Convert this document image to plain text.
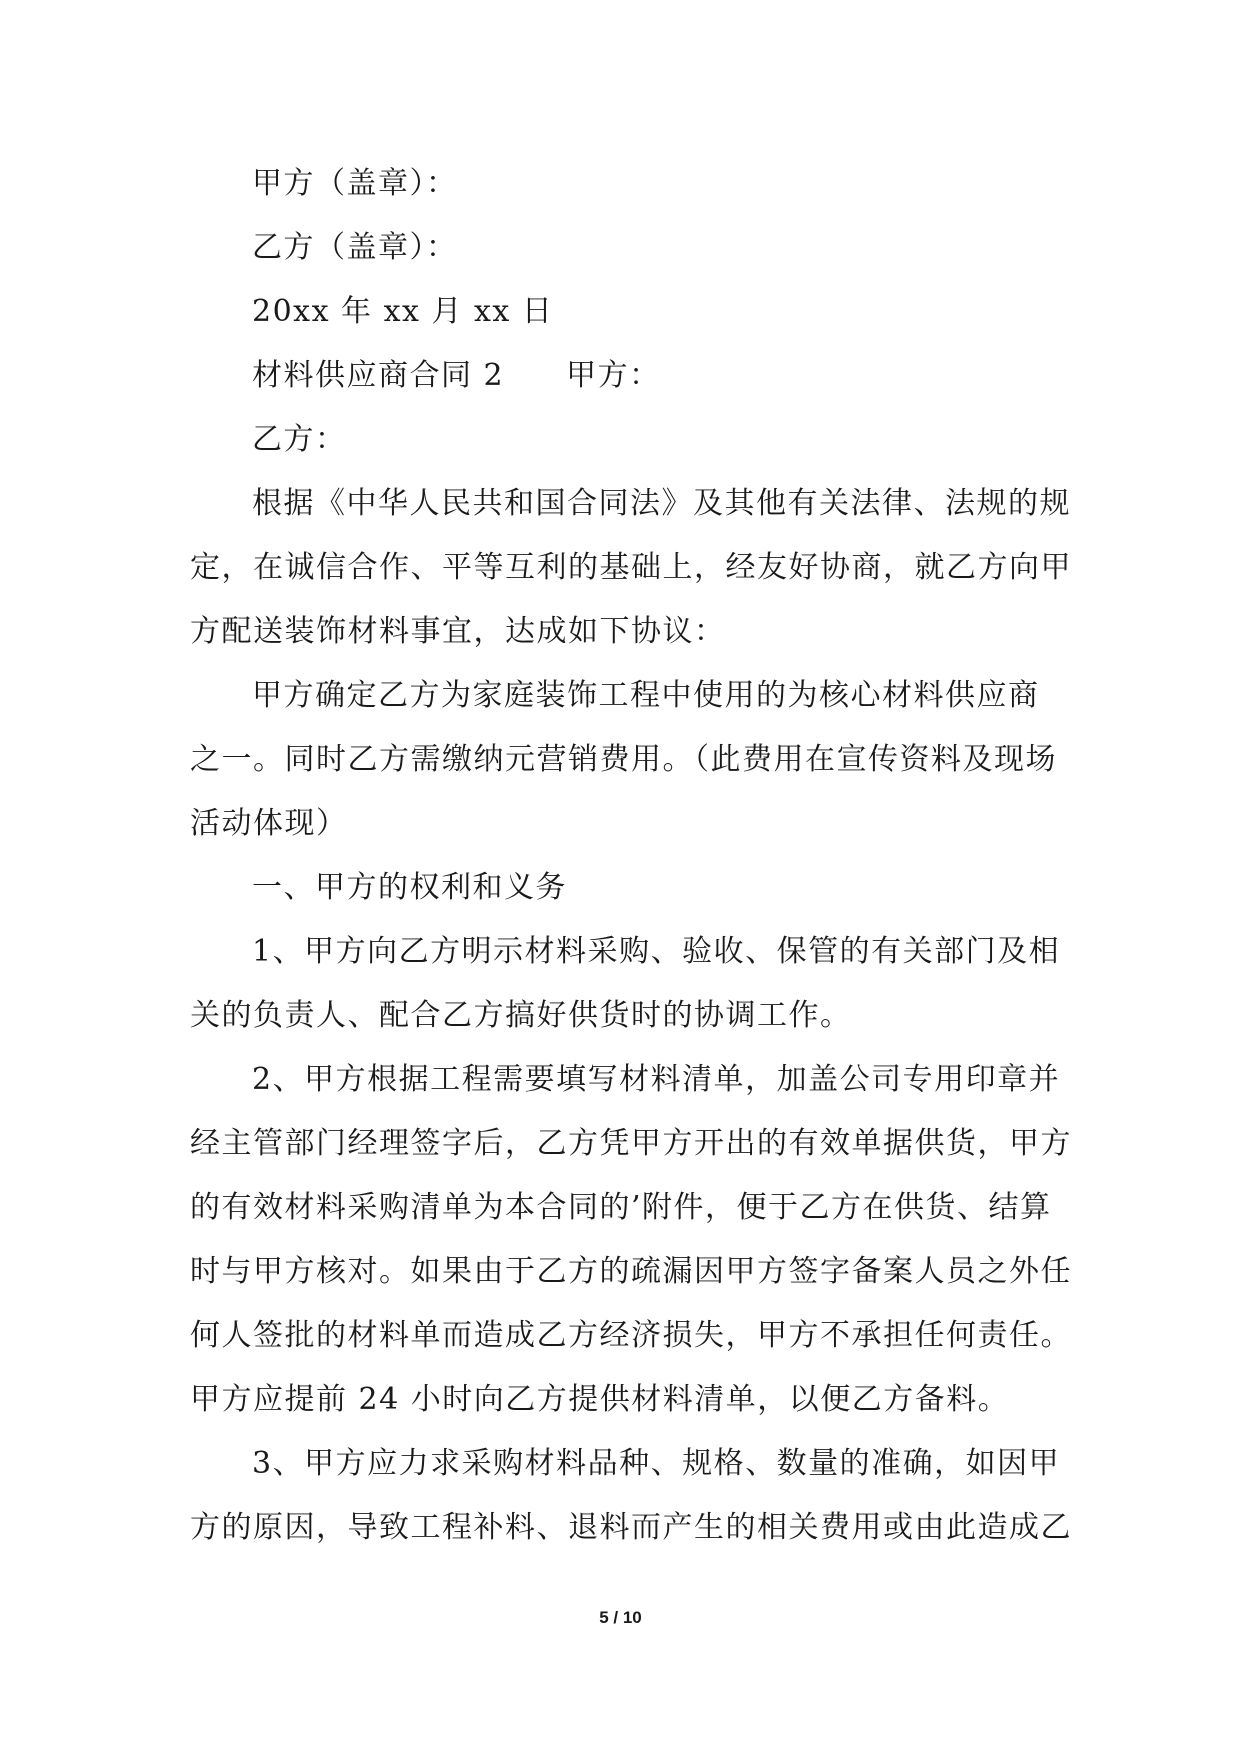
甲方（盖章）：
乙方（盖章）：
20xx 年 xx 月 xx 日
材料供应商合同 2 甲方：
乙方：
根据《中华人民共和国合同法》及其他有关法律、法规的规
定，在诚信合作、平等互利的基础上，经友好协商，就乙方向甲
方配送装饰材料事宜，达成如下协议：
甲方确定乙方为家庭装饰工程中使用的为核心材料供应商
之一。同时乙方需缴纳元营销费用。（此费用在宣传资料及现场
活动体现）
一、甲方的权利和义务
1、甲方向乙方明示材料采购、验收、保管的有关部门及相
关的负责人、配合乙方搞好供货时的协调工作。
2、甲方根据工程需要填写材料清单，加盖公司专用印章并
经主管部门经理签字后，乙方凭甲方开出的有效单据供货，甲方
的有效材料采购清单为本合同的’附件，便于乙方在供货、结算
时与甲方核对。如果由于乙方的疏漏因甲方签字备案人员之外任
何人签批的材料单而造成乙方经济损失，甲方不承担任何责任。
甲方应提前 24 小时向乙方提供材料清单，以便乙方备料。
3、甲方应力求采购材料品种、规格、数量的准确，如因甲
方的原因，导致工程补料、退料而产生的相关费用或由此造成乙
5 / 10
